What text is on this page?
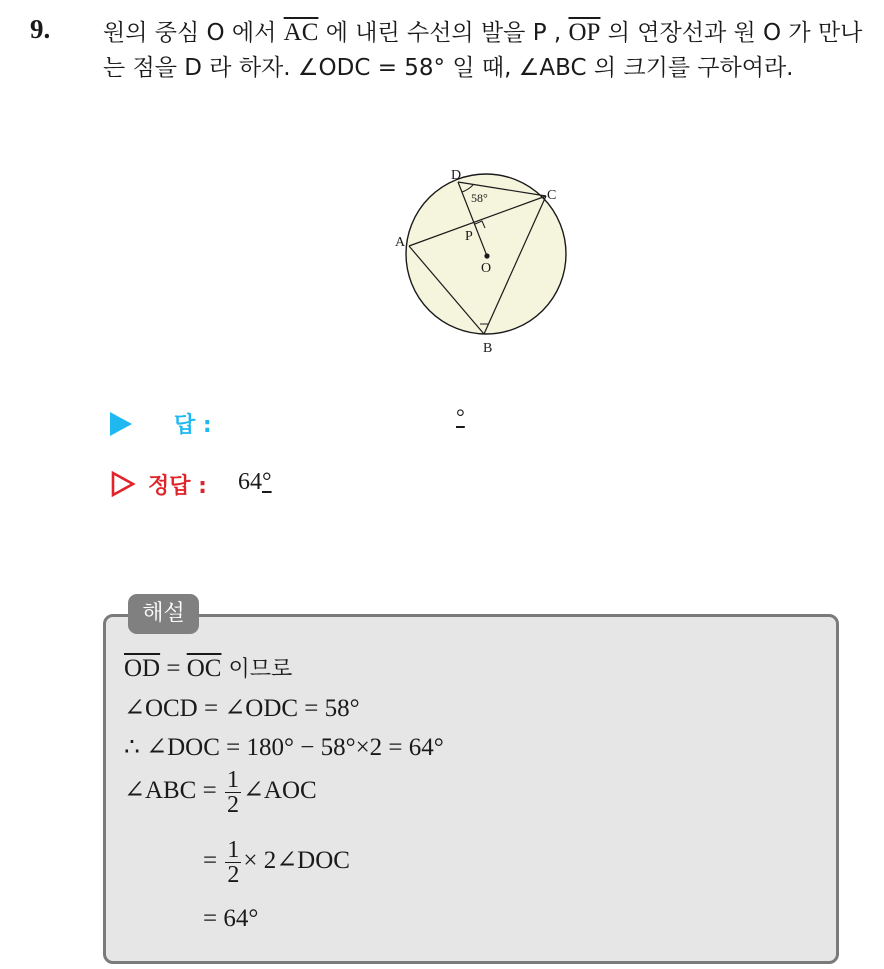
9. 원의 중심 O 에서 $\overline{AC}$ 에 내린 수선의 발을 P , $\overline{OP}$ 의 연장선과 원 O 가 만나는 점을 D 라 하자. ∠ODC = 58° 일 때, ∠ABC 의 크기를 구하여라.
D
C
A	P
O
B
58°
답 :	°
정답 : 64°
해설
$\overline{OD} = \overline{OC}$ 이므로
∠OCD = ∠ODC = 58°
∴ ∠DOC = 180° − 58°×2 = 64°
∠ABC = $\frac{1}{2}$ ∠AOC
= $\frac{1}{2}$ × 2∠DOC
= 64°
